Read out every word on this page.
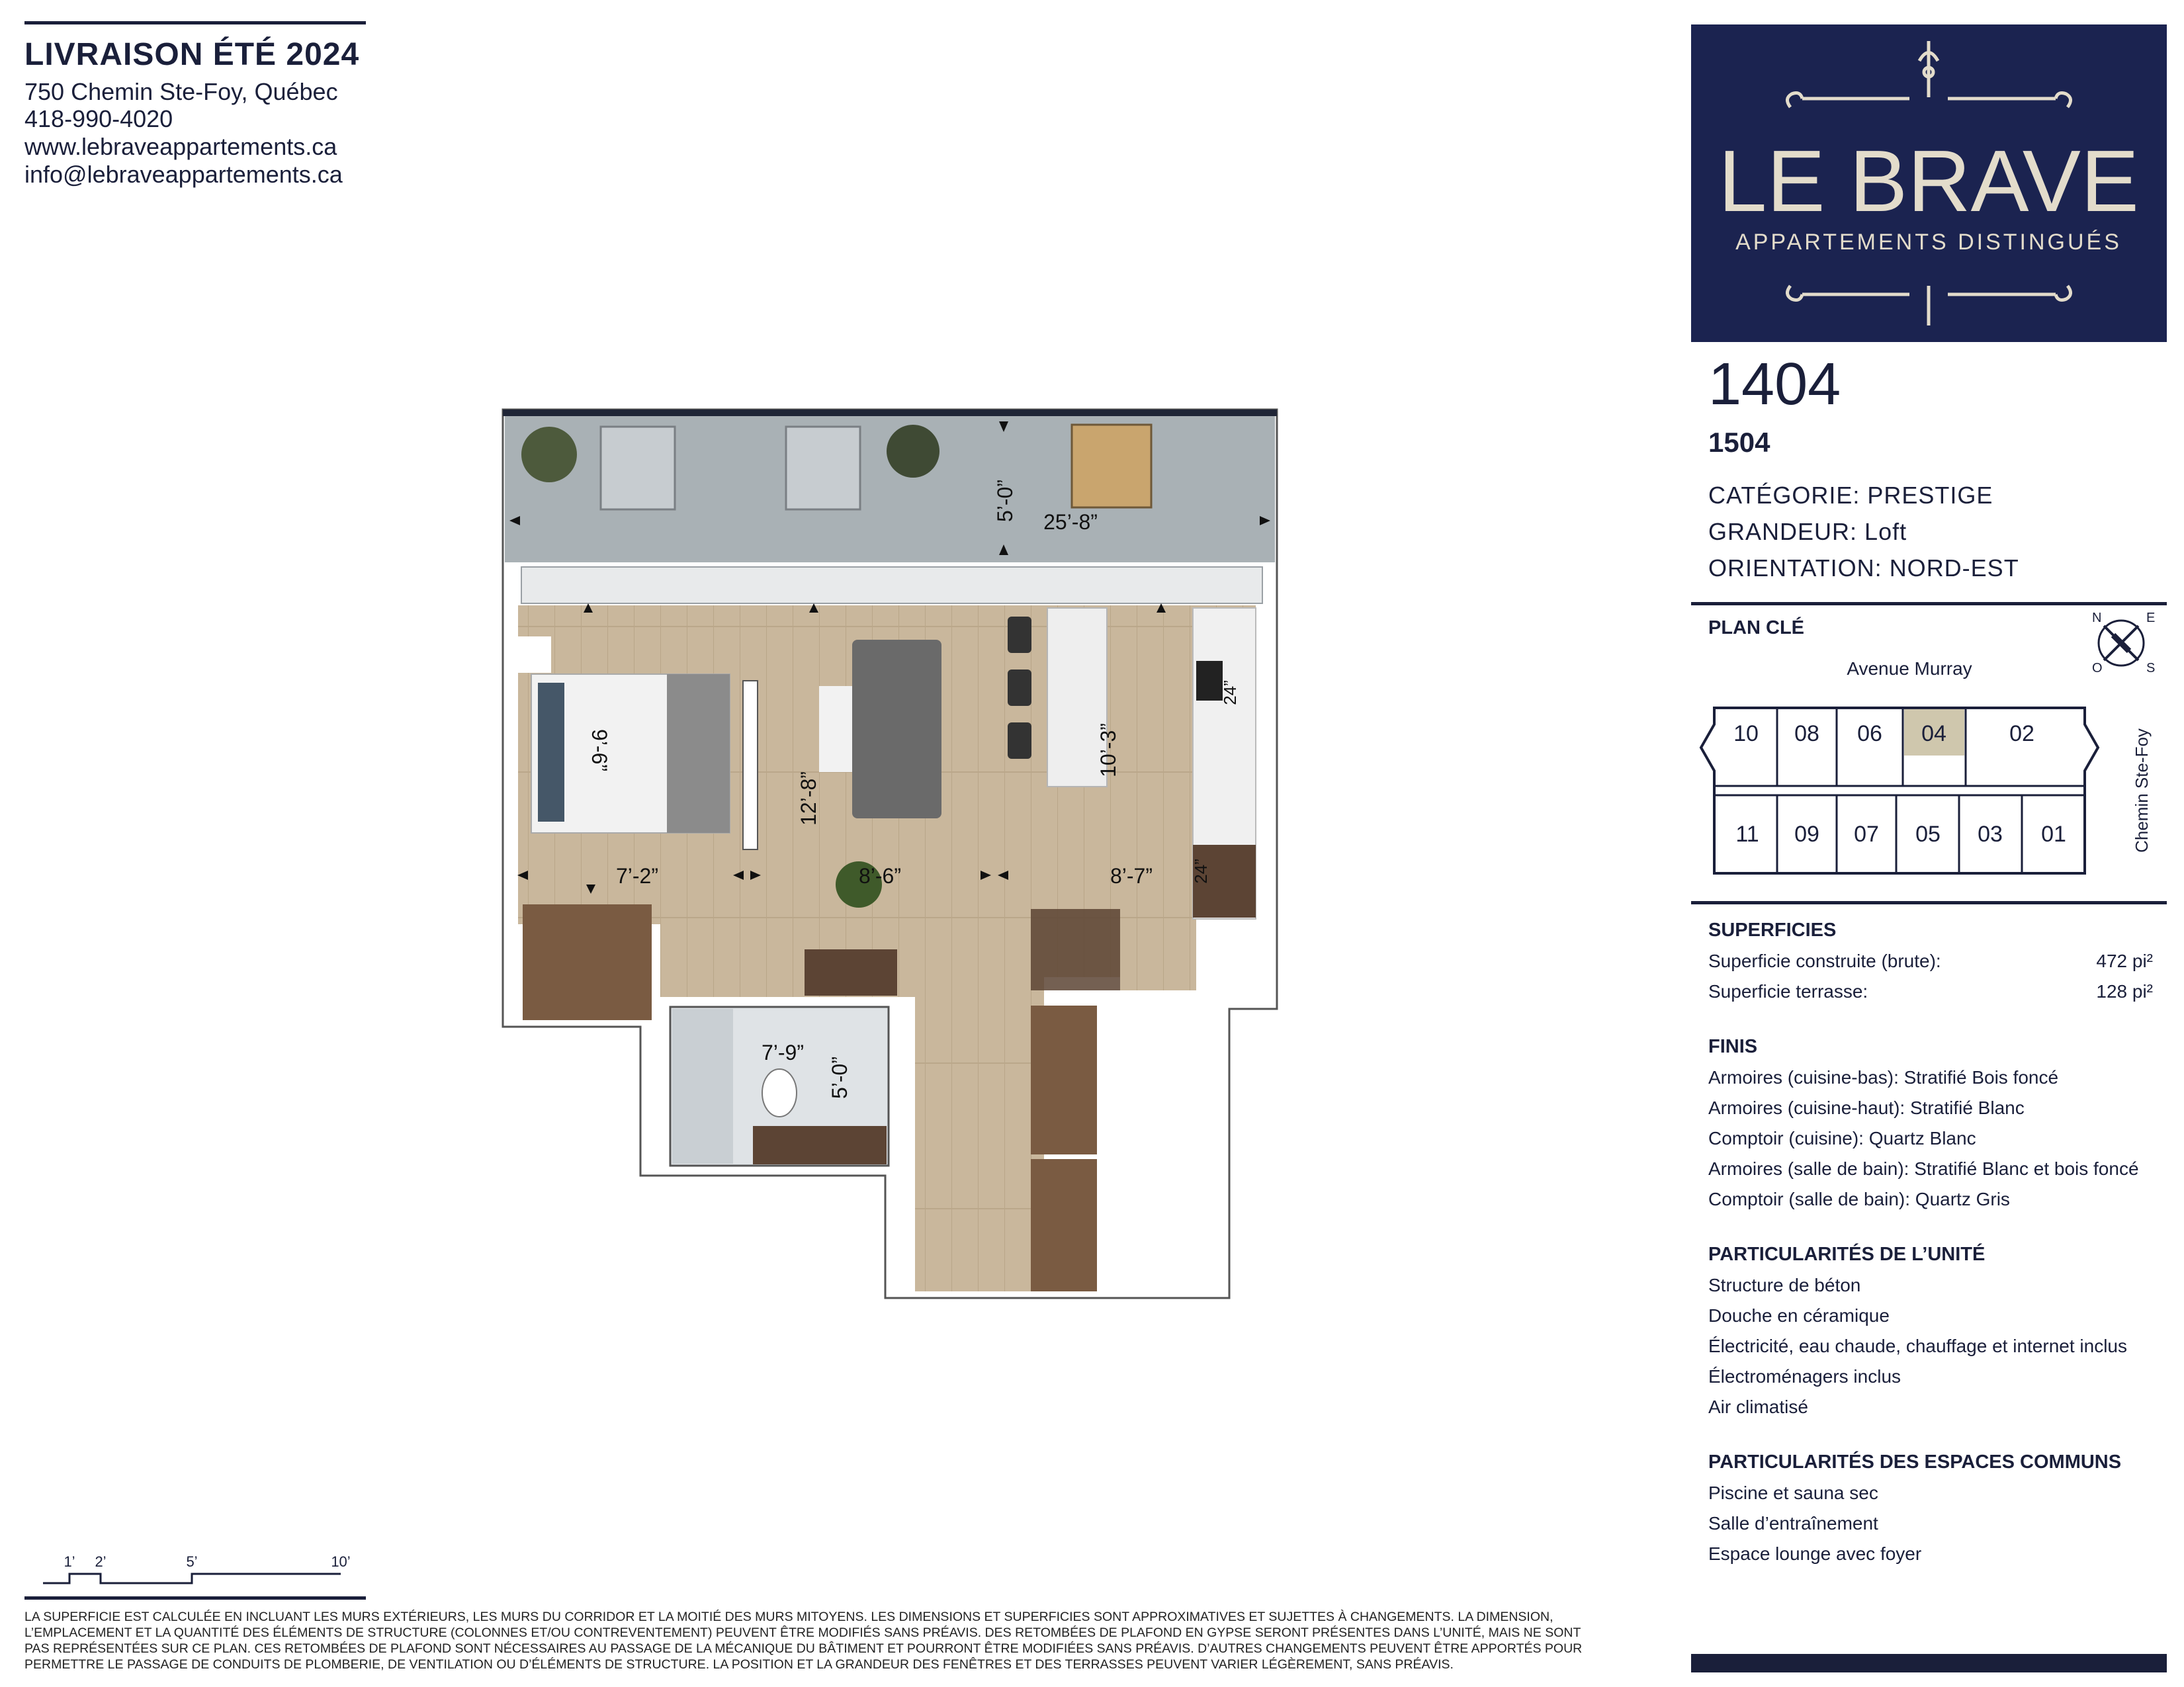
LIVRAISON ÉTÉ 2024
750 Chemin Ste-Foy, Québec
418-990-4020
www.lebraveappartements.ca
info@lebraveappartements.ca	LE BRAVE
APPARTEMENTS DISTINGUÉS
1404
1504
CATÉGORIE: PRESTIGE
GRANDEUR: Loft
ORIENTATION: NORD-EST
PLAN CLÉ
Avenue Murray
N	E
S
O
10 08 06 04	02
11 09 07 05 03 01	Chemin Ste-Foy
SUPERFICIES
Superficie construite (brute):	472 pi²
Superficie terrasse:	128 pi²
FINIS
Armoires (cuisine-bas): Stratifié Bois foncé
Armoires (cuisine-haut): Stratifié Blanc
Comptoir (cuisine): Quartz Blanc
Armoires (salle de bain): Stratifié Blanc et bois foncé
Comptoir (salle de bain): Quartz Gris
PARTICULARITÉS DE L’UNITÉ
Structure de béton
Douche en céramique
Électricité, eau chaude, chauffage et internet inclus
Électroménagers inclus
Air climatisé
PARTICULARITÉS DES ESPACES COMMUNS
Piscine et sauna sec
Salle d’entraînement
Espace lounge avec foyer
5’-0” 25’-8”
9’-6”
7’-2”
12’-8”
8’-6”
10’-3”
8’-7”
24”
24”
7’-9”
5’-0”
1’ 2’	5’	10’
LA SUPERFICIE EST CALCULÉE EN INCLUANT LES MURS EXTÉRIEURS, LES MURS DU CORRIDOR ET LA MOITIÉ DES MURS MITOYENS. LES DIMENSIONS ET SUPERFICIES SONT APPROXIMATIVES ET SUJETTES À CHANGEMENTS. LA DIMENSION, L’EMPLACEMENT ET LA QUANTITÉ DES ÉLÉMENTS DE STRUCTURE (COLONNES ET/OU CONTREVENTEMENT) PEUVENT ÊTRE MODIFIÉS SANS PRÉAVIS. DES RETOMBÉES DE PLAFOND EN GYPSE SERONT PRÉSENTES DANS L’UNITÉ, MAIS NE SONT PAS REPRÉSENTÉES SUR CE PLAN. CES RETOMBÉES DE PLAFOND SONT NÉCESSAIRES AU PASSAGE DE LA MÉCANIQUE DU BÂTIMENT ET POURRONT ÊTRE MODIFIÉES SANS PRÉAVIS. D’AUTRES CHANGEMENTS PEUVENT ÊTRE APPORTÉS POUR PERMETTRE LE PASSAGE DE CONDUITS DE PLOMBERIE, DE VENTILATION OU D’ÉLÉMENTS DE STRUCTURE. LA POSITION ET LA GRANDEUR DES FENÊTRES ET DES TERRASSES PEUVENT VARIER LÉGÈREMENT, SANS PRÉAVIS.
